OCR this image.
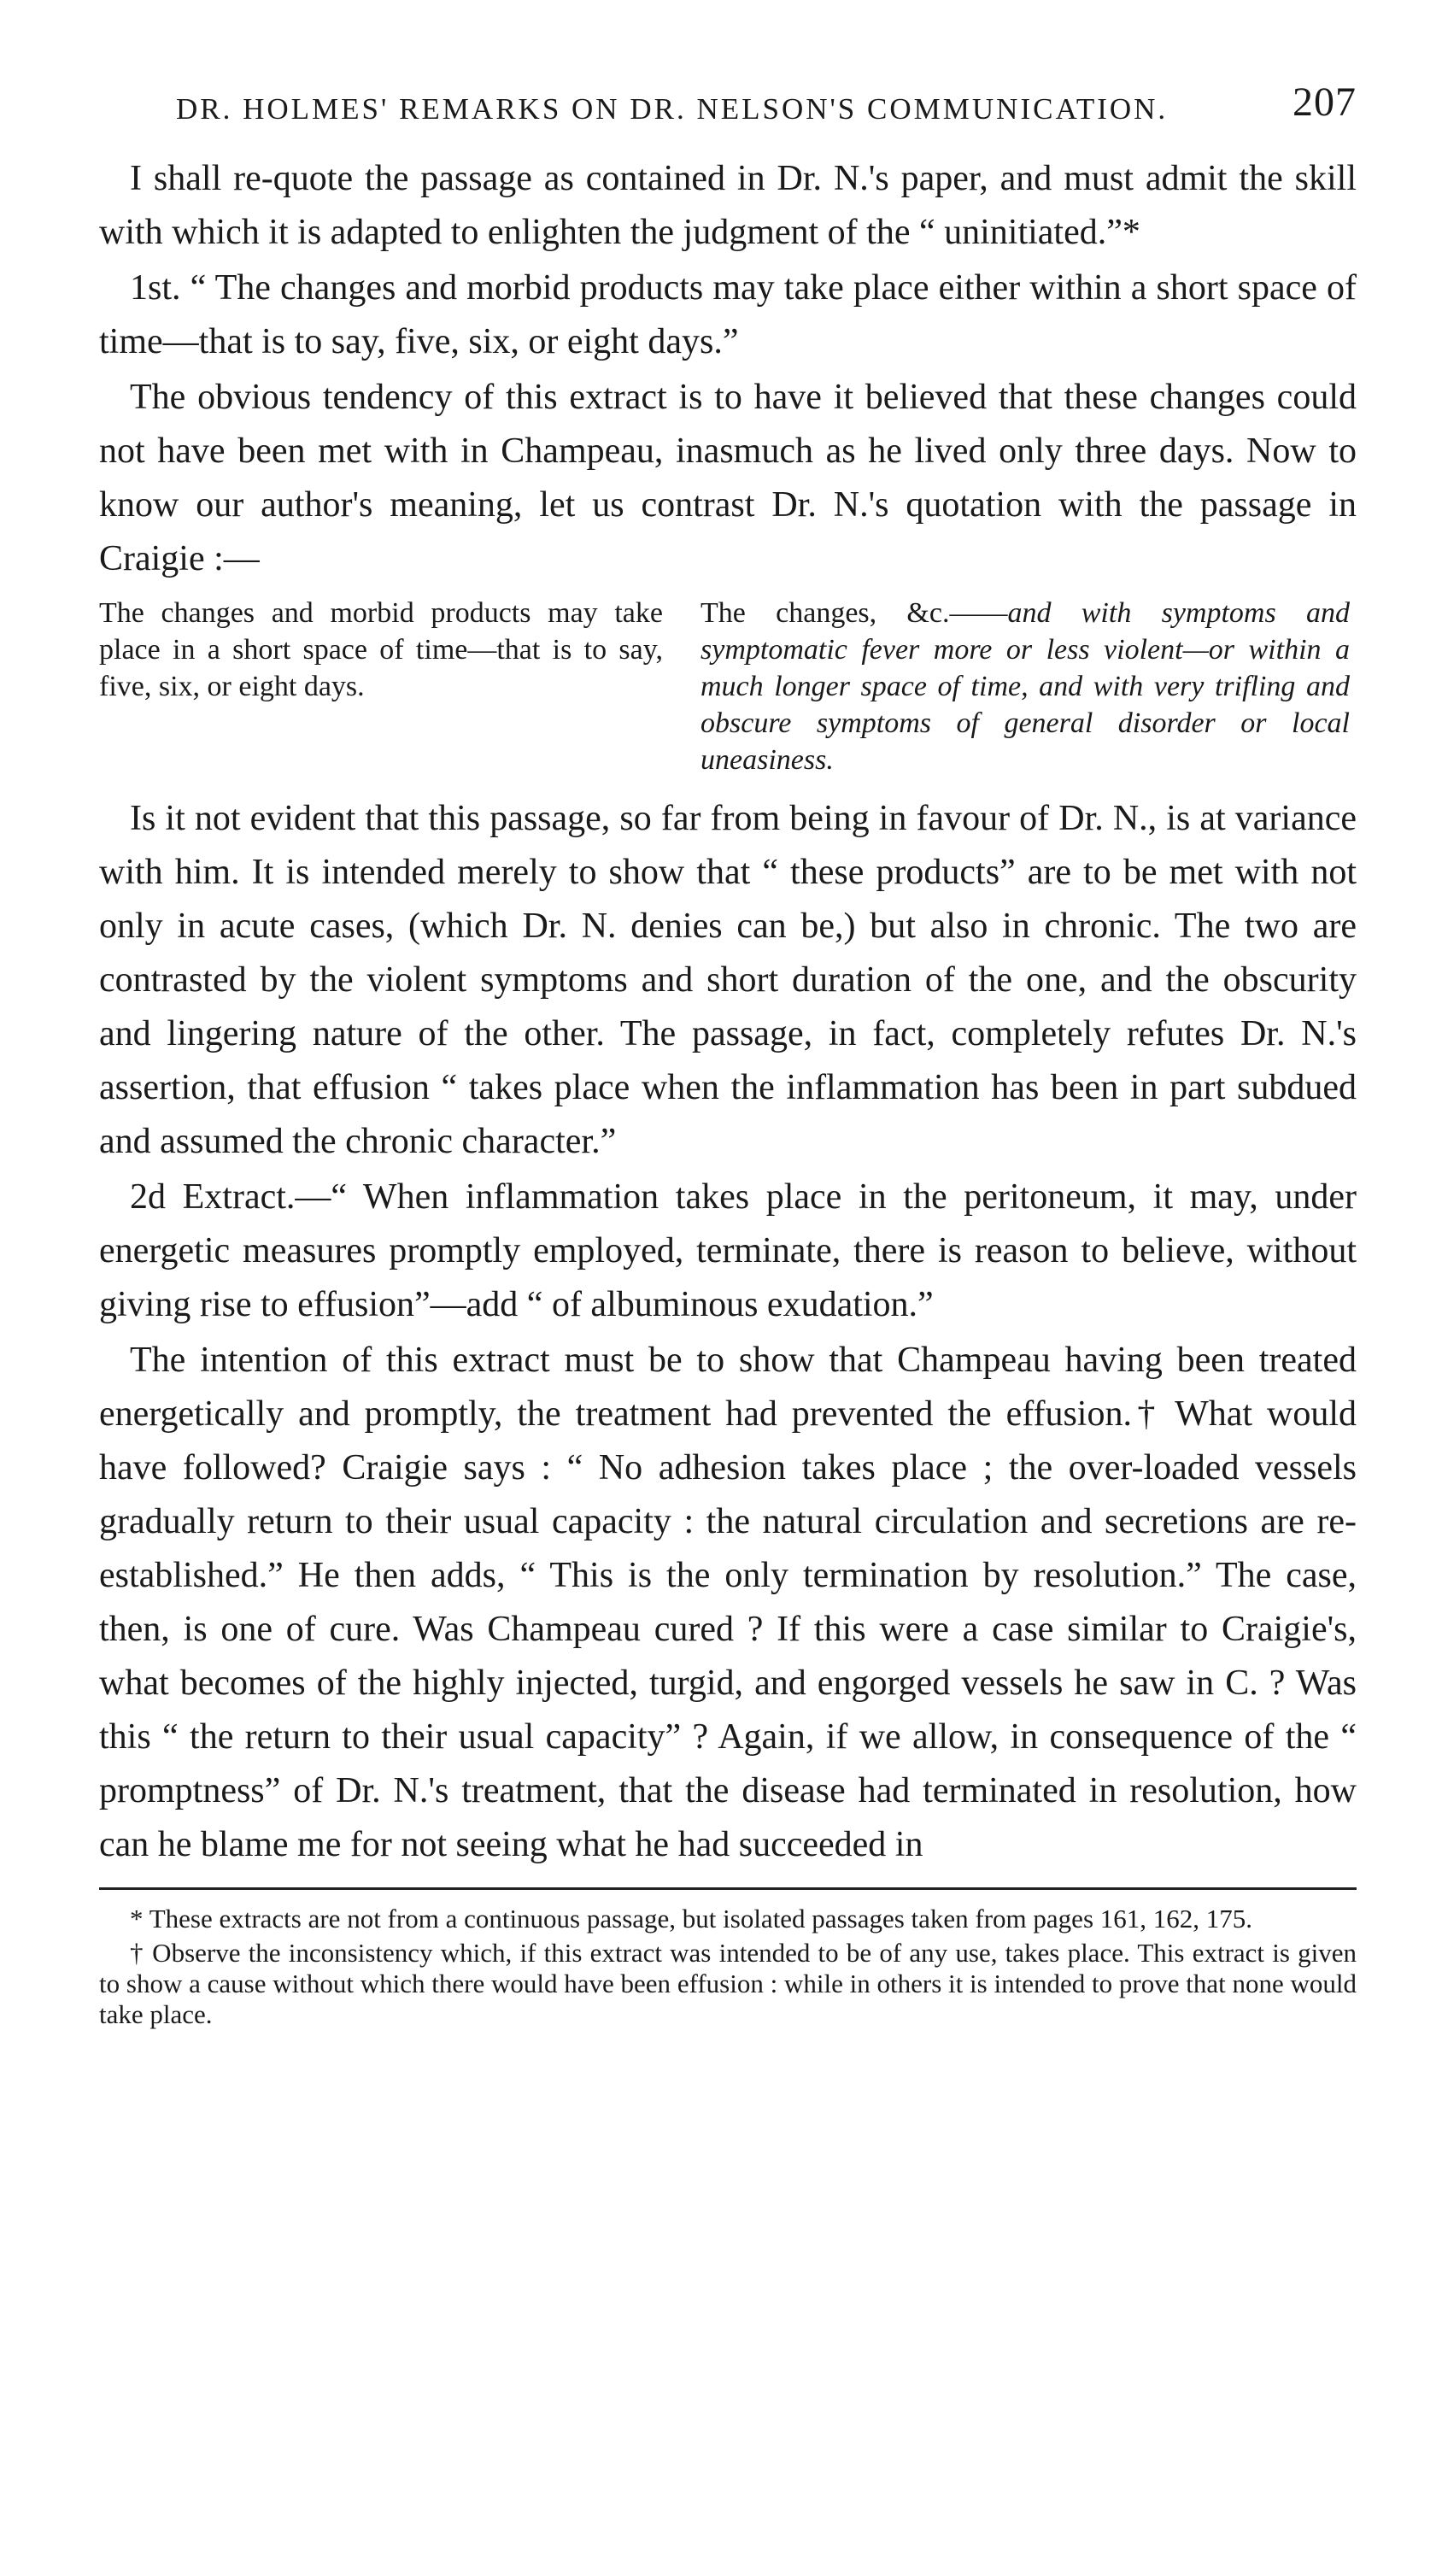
DR. HOLMES' REMARKS ON DR. NELSON'S COMMUNICATION.	207

I shall re-quote the passage as contained in Dr. N.'s paper, and must admit the skill with which it is adapted to enlighten the judgment of the “ uninitiated.”*

1st. “ The changes and morbid products may take place either within a short space of time—that is to say, five, six, or eight days.”

The obvious tendency of this extract is to have it believed that these changes could not have been met with in Champeau, inasmuch as he lived only three days. Now to know our author's meaning, let us contrast Dr. N.'s quotation with the passage in Craigie :—

The changes and morbid products may take place in a short space of time—that is to say, five, six, or eight days.
The changes, &c.——and with symptoms and symptomatic fever more or less violent—or within a much longer space of time, and with very trifling and obscure symptoms of general disorder or local uneasiness.

Is it not evident that this passage, so far from being in favour of Dr. N., is at variance with him. It is intended merely to show that “ these products” are to be met with not only in acute cases, (which Dr. N. denies can be,) but also in chronic. The two are contrasted by the violent symptoms and short duration of the one, and the obscurity and lingering nature of the other. The passage, in fact, completely refutes Dr. N.'s assertion, that effusion “ takes place when the inflammation has been in part subdued and assumed the chronic character.”

2d Extract.—“ When inflammation takes place in the peritoneum, it may, under energetic measures promptly employed, terminate, there is reason to believe, without giving rise to effusion”—add “ of albuminous exudation.”

The intention of this extract must be to show that Champeau having been treated energetically and promptly, the treatment had prevented the effusion.† What would have followed? Craigie says : “ No adhesion takes place ; the over-loaded vessels gradually return to their usual capacity : the natural circulation and secretions are re-established.” He then adds, “ This is the only termination by resolution.” The case, then, is one of cure. Was Champeau cured ? If this were a case similar to Craigie's, what becomes of the highly injected, turgid, and engorged vessels he saw in C. ? Was this “ the return to their usual capacity” ? Again, if we allow, in consequence of the “ promptness” of Dr. N.'s treatment, that the disease had terminated in resolution, how can he blame me for not seeing what he had succeeded in

* These extracts are not from a continuous passage, but isolated passages taken from pages 161, 162, 175.

† Observe the inconsistency which, if this extract was intended to be of any use, takes place. This extract is given to show a cause without which there would have been effusion : while in others it is intended to prove that none would take place.
